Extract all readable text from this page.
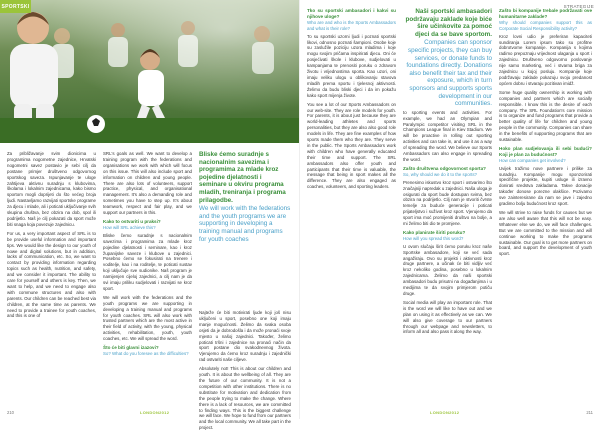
SPORTSKI

Za približavanje svim dionicima u programima nogometne zajednice, Hrvatski nogometni savez postavio je sebi cilj da postane primjer društveno odgovornog sportskog saveza. Ispunjavanje te uloge zahtijeva aktivnu suradnju s klubovima, školama i lokalnim zajednicama, kako bismo sportom mogli doprijeti do što većeg broja ljudi. Nastavljamo razvijati sportske programe za djecu i mlade, ali i poticati uključivanje svih skupina društva, bez obzira na dob, spol ili podrijetlo. Naš je cilj pokazati da sport može biti snaga koja povezuje zajednicu.

For us, a very important aspect of SRL is to be provide useful information and important tips. We would like the design to our youth of nowe and digital solutions, but in addition, lacks of communication, etc. So, we want to contact by providing information regarding topics such as health, nutrition, and safety, and we consider it important. The ability to care for yourself and others is key. Then, we want to help, and we need to engage also with commune structures and also with parents. Our children can be reached best via children, at the same time as parents. We need to provide a trainee for youth coaches, and this is one of

SRL's goals as well. We want to develop a training program with the federations and organisations we work with which will focus on this issue. This will also include sport and information on children and young people. There are also lots of volunteers, support practice, physical, and organisational management. It's also a demanding role and sometimes you have to step up. It's about teamwork, respect and fair play, and we support our partners in this.

Kako to ostvariti u praksi?
How will SRL achieve this?

Bliske čemo suradnje s nacionalnim savezima i programima za mlade kroz pojedine djelatnosti i seminare, kao i kroz županijske saveze i klubove u zajednici. Posebno ćemo se fokusirati na trenere i voditelje, kao i na roditelje, te poticati sustav koji uključuje sve sudionike. Naš program je namijenjen cijeloj zajednici, a cilj nam je da svi imaju priliku sudjelovati i razvijati se kroz sport.

We will work with the federations and the youth programs we are supporting in developing a training manual and programs for youth coaches. SRL will also work with trusted partners which are the most active in their field of activity, with the young, physical activities, rehabilitation, youth, youth coaches, etc. We will spread the word.

Što će biti glavni izazovi?
So? What do you foresee as the difficulties?
Bliske ćemo suradnje s nacionalnim savezima i programima za mlade kroz pojedine djelatnosti i seminare u okviru programa mladih, treniranja i programa prilagodbe.
We will work with the federations and the youth programs we are supporting in developing a training manual and programs for youth coaches

Najteže će biti motivirati ljude koji još nisu uključeni u sport, posebno one koji imaju manje mogućnosti. Želimo da svaka osoba osjeti da je dobrodošla i da može pronaći svoje mjesto u našoj zajednici. Također, želimo poticati tršni i zajednice na pronaći način da sport postane dio svakodnevnog života. Vjerujemo da ćemo kroz suradnju i zajednički rad ostvariti naše ciljeve.

Absolutely not! This is about our children and youth. It is about the wellbeing of all. They are the future of our community. It is not a competition with other institutions. There is no substitute for motivation and dedication from the people trying to make the change. Where there is a lack of resources, we are committed to finding ways. This is the biggest challenge we will face. We hope to fund from our partners and the local community. We all take part in the project.

210	LONDON2012
STRATEGIJE
Tko su sportski ambasadori i kakvi su njihove uloge?
Who are and who is the Sports Ambassadors and what is their role?

To su sportski uzorni ljudi i poznati sportski likovi, odnosno poznati šampioni. Osobe koje su zaslužile poziciju uzora mladima i koje mogu svojim pričama inspirirati djecu. Oni će posjećivati škole i klubove, sudjelovati u kampanjama te prenositi poruku o zdravom životu i vrijednostima sporta. Kao uzori, oni imaju veliku ulogu u oblikovanju stavova mladih prema sportu i tjelesnoj aktivnosti. Želimo da budu bliski djeci i da im pokažu kako sport mijenja živote.

You see a lot of our Sports Ambassadors on our web-site. They are role models for youth. For parents, it is about just because they are world-leading athletes and sports personalities, but they are also also good role models in life. They are fine examples of how sports made them who they are. They serve in the public. The Sports Ambassadors work with children who have generally educated their time and support. The SRL ambassadors also offer youth and participants that their time is valuable, the message that being in sport makes all the difference. They are also engaged as coaches, volunteers, and sporting leaders.

Naši sportski ambasadori podržavaju zaklade koje biće šire učinkovite za pomoć djeci da se bave sportom.
Companies can sponsor specific projects, they can buy services, or donate funds to foundations directly. Donations also benefit their tax and their exposure, which in turn sponsors and supports sports development in our communities.

to sporting events and activities. For example, we had an Olympian and Paralympic competitor visiting SRL in the Champions League final in Kiev Stadium. We will be proactive in rolling out sporting activities and can take in, and use it as a way of spreading the word. We believe our Sports Ambassadors can also engage in spreading the word.

Zašto društvena odgovornost sporta?
So, why should we do it to the sports?

Prenesimo iskustvo kroz sport i ostvarimo što značajniji napredak u zajednici. Naša uloga je osigurati da sport bude dostupan svima, bez obzira na podrijetlo. Cilj nam je stvoriti čvrste temelje za buduće generacije i poticati prijateljstvo i suživot kroz sport. Vjerujemo da sport ima moć promijeniti društvo na bolje, a mi želimo biti dio te promjene.

Kako planirate širiti poruku?
How will you spread this word?

U ovom slučaju širit ćemo poruku kroz naše Sportske ambasadore, koji se već sada angažiraju. Ovo su projekti i aktivnosti kroz druge partnere, a učinak će biti vidljiv već kroz nekoliko godina, posebno u lokalnim zajednicama. Želimo da naši sportski ambasadori budu prisutni na događanjima i u medijima te da svojim primjerom potiču druge.

Social media will play an important role. That is the word we will like to have out and we plan on using it as effectively as we can. We will also give coverage to our partners through our webpage and newsletters, to inform all and also pass it along the way.

Zašto bi kompanije trebale podržavati ove humanitarne zaklade?
Why should companies support this as Corporate Social Responsibility activity?

Kroz lovni udio je preferiran kapaciteti sundiranja Lorem ipsum tako su profitne dobrotvorne kompanije. Kompanija s kojima radimo prepoznaju vrijednost ulaganja u sport i zajednicu. Društveno odgovorno poslovanje nije samo marketing, već i stvarna briga za zajednicu u kojoj posluju. Kompanije koje podržavaju zaklade pokazuju svoju predanost općem dobru i stvaraju pozitivan imidž.

Some huge quality ownership is working with companies and partners which are socially responsible. I know this is the desire of each company. The SRL Foundation's core mission is to organize and fund programs that provide a better quality of life for children and young people in the community. Companies can share in the benefits of supporting programs that are sustainable.

Hoko plan sudjelovanja ili sebi budući? Koji je plan za budućnost?
How can companies get involved?

Uvijek tražimo nove partnere i prilike za suradnju. Kompanije mogu sponzorirati specifične projekte, kupiti usluge ili izravno donirati sredstva zakladama. Takve donacije također donose porezne olakšice. Pozivamo sve zainteresirane da nam se jave i zajedno gradimo bolju budućnost kroz sport.

We will strive to raise funds for causes but we are also well aware that this will not be easy. Whatever else we do, we will face challenges. But we are committed to the mission and will continue working to make the programs sustainable. Our goal is to get more partners on board, and support the development of youth sport.

211
LONDON2012
